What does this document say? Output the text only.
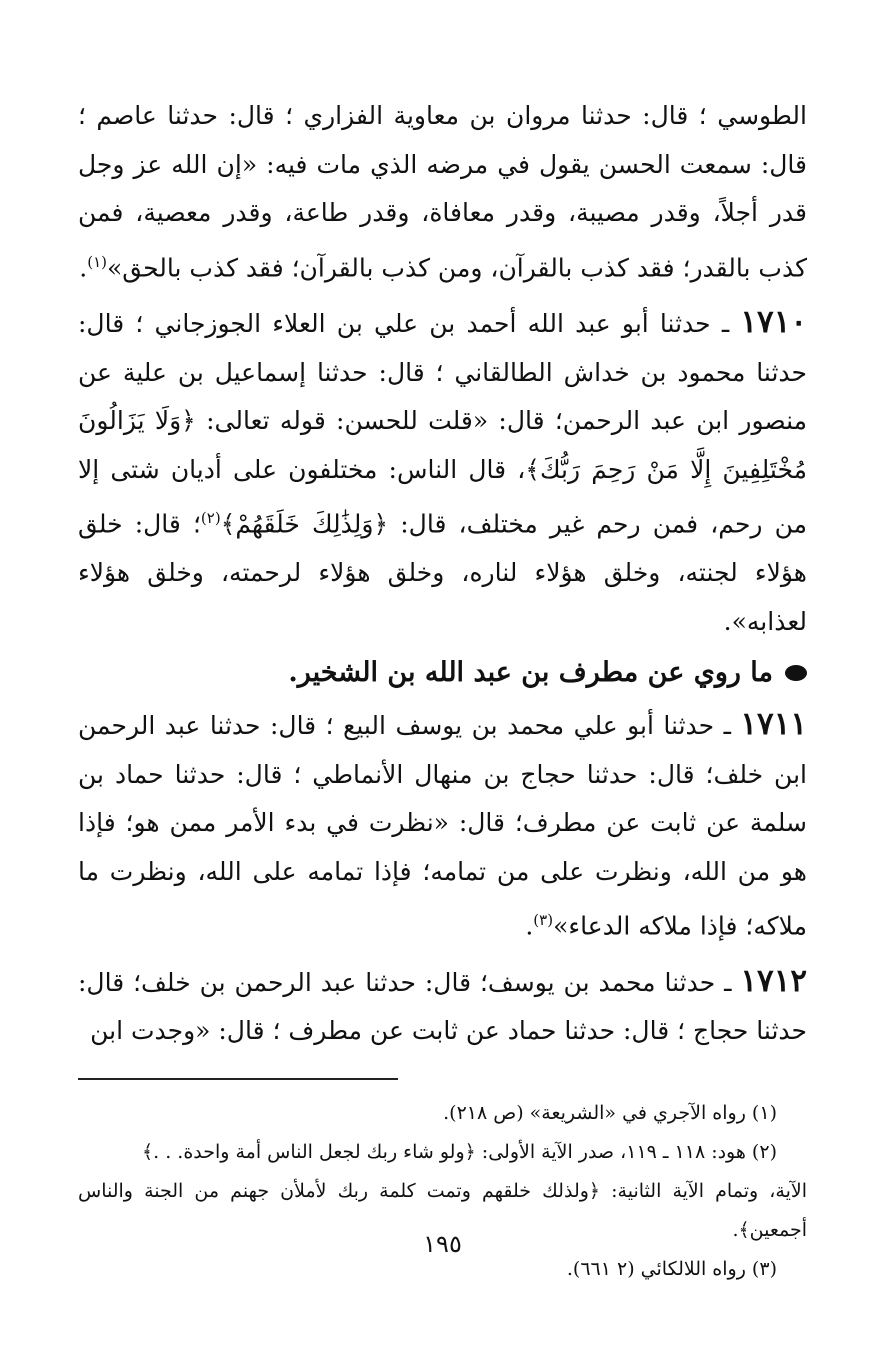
الطوسي ؛ قال: حدثنا مروان بن معاوية الفزاري ؛ قال: حدثنا عاصم ؛ قال: سمعت الحسن يقول في مرضه الذي مات فيه: «إن الله عز وجل قدر أجلاً، وقدر مصيبة، وقدر معافاة، وقدر طاعة، وقدر معصية، فمن كذب بالقدر؛ فقد كذب بالقرآن، ومن كذب بالقرآن؛ فقد كذب بالحق»$^{(١)}$.

١٧١٠ ـ حدثنا أبو عبد الله أحمد بن علي بن العلاء الجوزجاني ؛ قال: حدثنا محمود بن خداش الطالقاني ؛ قال: حدثنا إسماعيل بن علية عن منصور ابن عبد الرحمن؛ قال: «قلت للحسن: قوله تعالى: ﴿وَلَا يَزَالُونَ مُخْتَلِفِينَ إِلَّا مَنْ رَحِمَ رَبُّكَ﴾، قال الناس: مختلفون على أديان شتى إلا من رحم، فمن رحم غير مختلف، قال: ﴿وَلِذَٰلِكَ خَلَقَهُمْ﴾$^{(٢)}$؛ قال: خلق هؤلاء لجنته، وخلق هؤلاء لناره، وخلق هؤلاء لرحمته، وخلق هؤلاء لعذابه».

ما روي عن مطرف بن عبد الله بن الشخير.

١٧١١ ـ حدثنا أبو علي محمد بن يوسف البيع ؛ قال: حدثنا عبد الرحمن ابن خلف؛ قال: حدثنا حجاج بن منهال الأنماطي ؛ قال: حدثنا حماد بن سلمة عن ثابت عن مطرف؛ قال: «نظرت في بدء الأمر ممن هو؛ فإذا هو من الله، ونظرت على من تمامه؛ فإذا تمامه على الله، ونظرت ما ملاكه؛ فإذا ملاكه الدعاء»$^{(٣)}$.

١٧١٢ ـ حدثنا محمد بن يوسف؛ قال: حدثنا عبد الرحمن بن خلف؛ قال: حدثنا حجاج ؛ قال: حدثنا حماد عن ثابت عن مطرف ؛ قال: «وجدت ابن

(١) رواه الآجري في «الشريعة» (ص ٢١٨).

(٢) هود: ١١٨ ـ ١١٩، صدر الآية الأولى: ﴿ولو شاء ربك لجعل الناس أمة واحدة. . .﴾

الآية، وتمام الآية الثانية: ﴿ولذلك خلقهم وتمت كلمة ربك لأملأن جهنم من الجنة والناس أجمعين﴾.

(٣) رواه اللالكائي (٢ ٦٦١).

١٩٥
